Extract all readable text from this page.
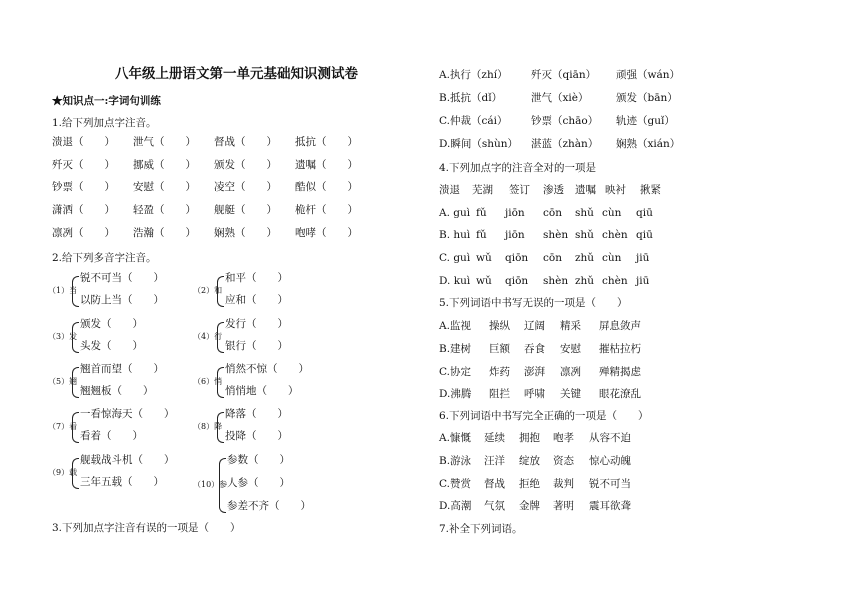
八年级上册语文第一单元基础知识测试卷
★知识点一:字词句训练
1.给下列加点字注音。
2.给下列多音字注音。
3.下列加点字注音有误的一项是（　　）
4.下列加点字的注音全对的一项是
5.下列词语中书写无误的一项是（　　）
6.下列词语中书写完全正确的一项是（　　）
7.补全下列词语。
溃退（　　） 泄气（　　） 督战（　　） 抵抗（　　）
歼灭（　　） 挪威（　　） 颁发（　　） 遗嘱（　　）
钞票（　　） 安慰（　　） 凌空（　　） 酷似（　　）
潇洒（　　） 轻盈（　　） 舰艇（　　） 桅杆（　　）
凛冽（　　） 浩瀚（　　） 娴熟（　　） 咆哮（　　）
（1）当
锐不可当（　　）
以防上当（　　）
（2）和
和平（　　）
应和（　　）
（3）发
颁发（　　）
头发（　　）
（4）行
发行（　　）
银行（　　）
（5）翘
翘首而望（　　）
翘翘板（　　）
（6）悄
悄然不惊（　　）
悄悄地（　　）
（7）看
一看惊海天（　　）
看着（　　）
（8）降
降落（　　）
投降（　　）
（9）载
舰载战斗机（　　）
三年五载（　　）	（10）参
参数（　　）
人参（　　）
参差不齐（　　）
A.执行（zhí） 歼灭（qiān） 顽强（wán）
B.抵抗（dǐ）	泄气（xiè）	颁发（bān）
C.仲裁（cái） 钞票（chāo） 轨迹（guǐ）
D.瞬间（shùn） 湛蓝（zhàn） 娴熟（xián）
溃退 芜湖 签订 渗透 遗嘱 映衬 揪紧
A. guì fǔ jiōn cōn shǔ cùn qiū
B. huì fǔ jiōn shèn shǔ chèn qiū
C. guì wǔ qiōn cōn zhǔ cùn jiū
D. kuì wǔ qiōn shèn zhǔ chèn jiū
A.监视 操纵 辽阔 精采 屏息敛声
B.建树 巨额 吞食 安慰 摧枯拉朽
C.协定 炸药 澎湃 凛冽 殚精揭虑
D.沸腾 阻拦 呼啸 关键 眼花潦乱
A.慷慨 延续 拥抱 咆孝 从容不迫
B.游泳 汪洋 绽放 资态 惊心动魄
C.赞赏 督战 拒绝 裁判 锐不可当
D.高潮 气氛 金牌 著明 震耳欲聋
